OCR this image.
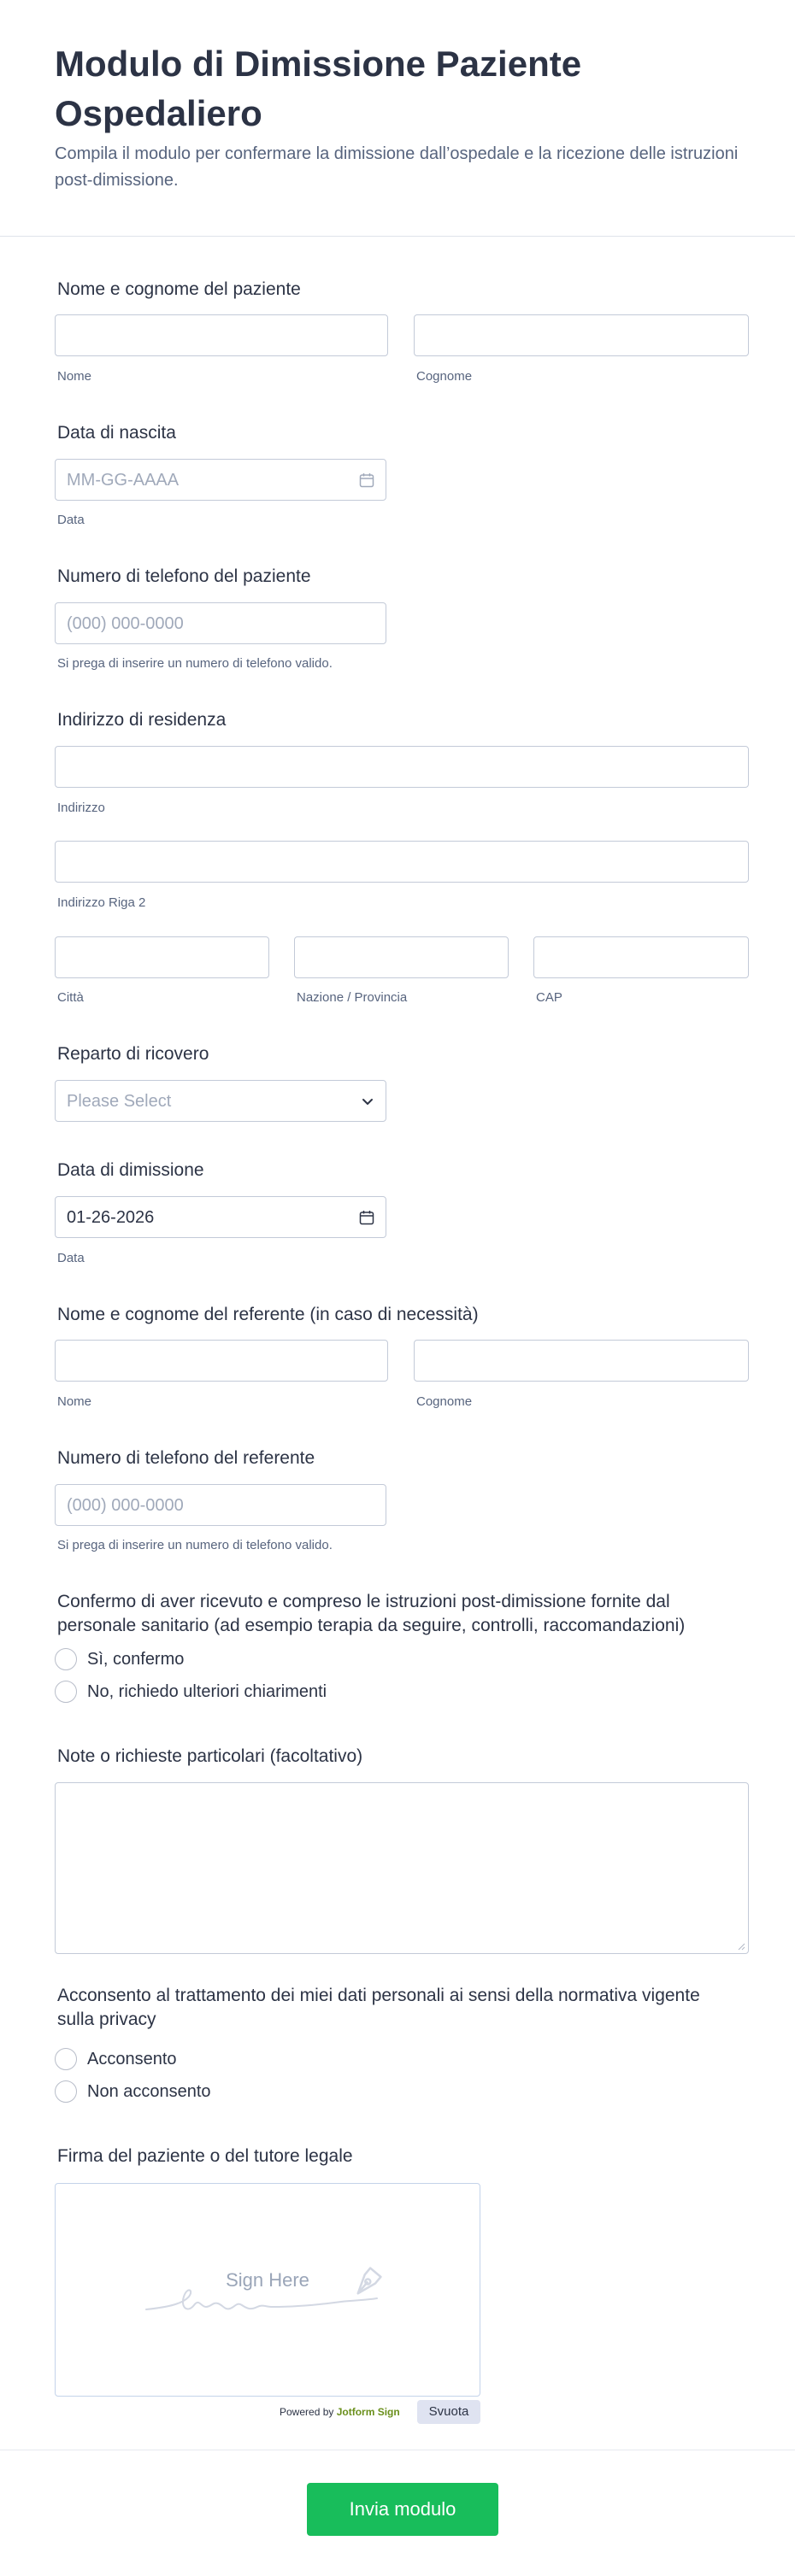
Modulo di Dimissione Paziente Ospedaliero
Compila il modulo per confermare la dimissione dall’ospedale e la ricezione delle istruzioni post-dimissione.
Nome e cognome del paziente
Nome	Cognome
Data di nascita
MM-GG-AAAA
Data
Numero di telefono del paziente
(000) 000-0000
Si prega di inserire un numero di telefono valido.
Indirizzo di residenza
Indirizzo
Indirizzo Riga 2
Città	Nazione / Provincia	CAP
Reparto di ricovero
Please Select
Data di dimissione
01-26-2026
Data
Nome e cognome del referente (in caso di necessità)
Nome	Cognome
Numero di telefono del referente
(000) 000-0000
Si prega di inserire un numero di telefono valido.
Confermo di aver ricevuto e compreso le istruzioni post-dimissione fornite dal
personale sanitario (ad esempio terapia da seguire, controlli, raccomandazioni)
Sì, confermo
No, richiedo ulteriori chiarimenti
Note o richieste particolari (facoltativo)
Acconsento al trattamento dei miei dati personali ai sensi della normativa vigente
sulla privacy
Acconsento
Non acconsento
Firma del paziente o del tutore legale
Sign Here
Powered by Jotform Sign	Svuota
Invia modulo
